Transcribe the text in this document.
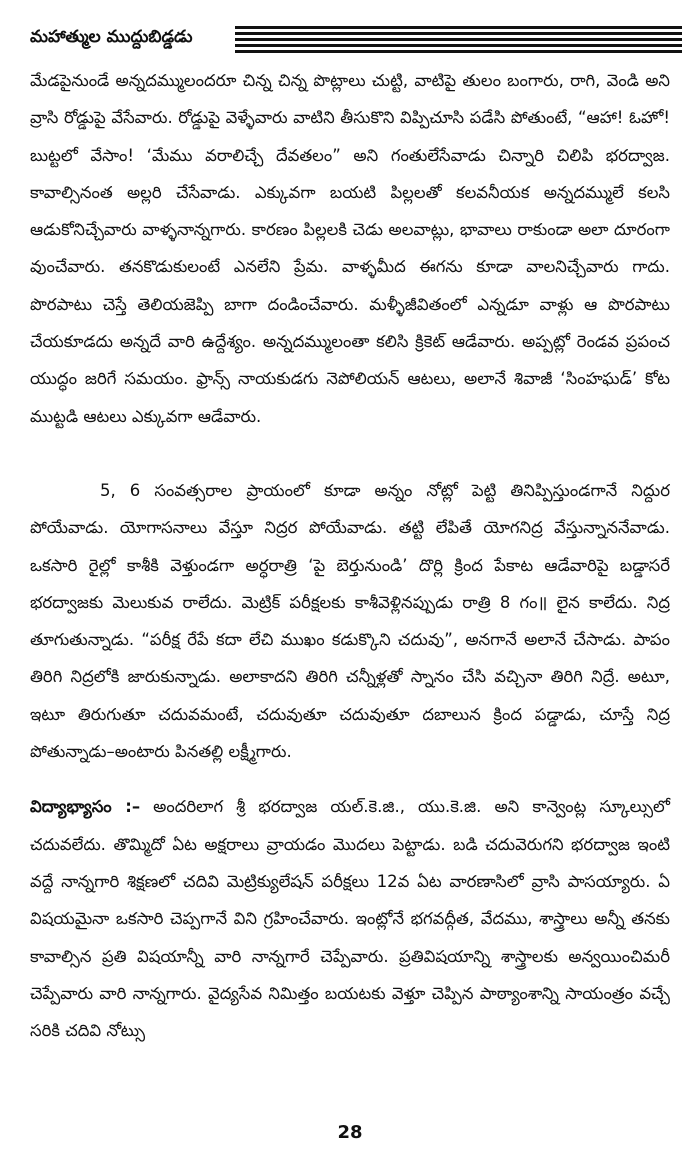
మహాత్ముల ముద్దుబిడ్డడు

మేడపైనుండే అన్నదమ్ములందరూ చిన్న చిన్న పొట్లాలు చుట్టి, వాటిపై తులం బంగారు, రాగి, వెండి అని వ్రాసి రోడ్డుపై వేసేవారు. రోడ్డుపై వెళ్ళేవారు వాటిని తీసుకొని విప్పిచూసి పడేసి పోతుంటే, “ఆహా! ఓహో! బుట్టలో వేసాం! ‘మేము వరాలిచ్చే దేవతలం” అని గంతులేసేవాడు చిన్నారి చిలిపి భరద్వాజ. కావాల్సినంత అల్లరి చేసేవాడు. ఎక్కువగా బయటి పిల్లలతో కలవనీయక అన్నదమ్ములే కలసి ఆడుకోనిచ్చేవారు వాళ్ళనాన్నగారు. కారణం పిల్లలకి చెడు అలవాట్లు, భావాలు రాకుండా అలా దూరంగా వుంచేవారు. తనకొడుకులంటే ఎనలేని ప్రేమ. వాళ్ళమీద ఈగను కూడా వాలనిచ్చేవారు గాదు. పొరపాటు చెస్తే తెలియజెప్పి బాగా దండించేవారు. మళ్ళీజీవితంలో ఎన్నడూ వాళ్లు ఆ పొరపాటు చేయకూడదు అన్నదే వారి ఉద్దేశ్యం. అన్నదమ్ములంతా కలిసి క్రికెట్ ఆడేవారు. అప్పట్లో రెండవ ప్రపంచ యుద్ధం జరిగే సమయం. ఫ్రాన్స్ నాయకుడగు నెపోలియన్ ఆటలు, అలానే శివాజీ ‘సింహఘడ్’ కోట ముట్టడి ఆటలు ఎక్కువగా ఆడేవారు.

5, 6 సంవత్సరాల ప్రాయంలో కూడా అన్నం నోట్లో పెట్టి తినిప్పిస్తుండగానే నిద్దుర పోయేవాడు. యోగాసనాలు వేస్తూ నిద్రర పోయేవాడు. తట్టి లేపితే యోగనిద్ర వేస్తున్నాననేవాడు. ఒకసారి రైల్లో కాశీకి వెళ్తుండగా అర్ధరాత్రి ‘పై బెర్తునుండి’ దొర్లి క్రింద పేకాట ఆడేవారిపై బడ్డాసరే భరద్వాజకు మెలుకువ రాలేదు. మెట్రిక్ పరీక్షలకు కాశీవెళ్లినప్పుడు రాత్రి 8 గం॥ లైన కాలేదు. నిద్ర తూగుతున్నాడు. “పరీక్ష రేపే కదా లేచి ముఖం కడుక్కొని చదువు”, అనగానే అలానే చేసాడు. పాపం తిరిగి నిద్రలోకి జారుకున్నాడు. అలాకాదని తిరిగి చన్నీళ్లతో స్నానం చేసి వచ్చినా తిరిగి నిద్రే. అటూ, ఇటూ తిరుగుతూ చదువమంటే, చదువుతూ చదువుతూ దబాలున క్రింద పడ్డాడు, చూస్తే నిద్ర పోతున్నాడు–అంటారు పినతల్లి లక్ష్మీగారు.

విద్యాభ్యాసం :– అందరిలాగ శ్రీ భరద్వాజ యల్.కె.జి., యు.కె.జి. అని కాన్వెంట్ల స్కూల్సులో చదువలేదు. తొమ్మిదో ఏట అక్షరాలు వ్రాయడం మొదలు పెట్టాడు. బడి చదువెరుగని భరద్వాజ ఇంటి వద్దే నాన్నగారి శిక్షణలో చదివి మెట్రిక్యులేషన్ పరీక్షలు 12వ ఏట వారణాసిలో వ్రాసి పాసయ్యారు. ఏ విషయమైనా ఒకసారి చెప్పగానే విని గ్రహించేవారు. ఇంట్లోనే భగవద్గీత, వేదము, శాస్త్రాలు అన్నీ తనకు కావాల్సిన ప్రతి విషయాన్నీ వారి నాన్నగారే చెప్పేవారు. ప్రతివిషయాన్ని శాస్త్రాలకు అన్వయించిమరీ చెప్పేవారు వారి నాన్నగారు. వైద్యసేవ నిమిత్తం బయటకు వెళ్తూ చెప్పిన పాఠ్యాంశాన్ని సాయంత్రం వచ్చే సరికి చదివి నోట్సు

28
